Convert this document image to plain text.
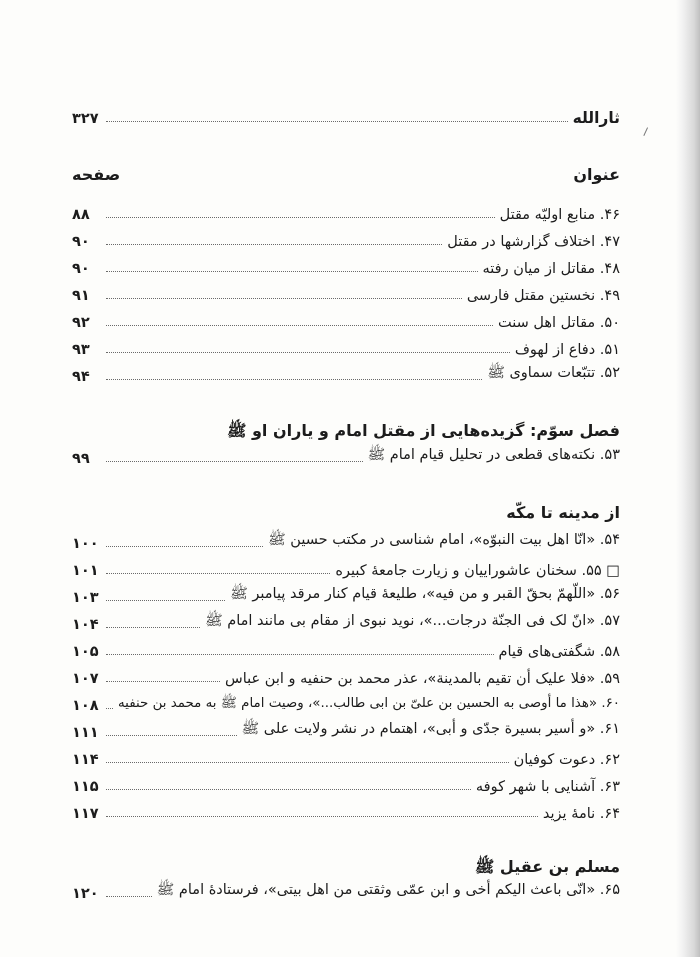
ثارالله
۳۲۷
عنوان
صفحه
۴۶. منابع اولیّه مقتل
۸۸
۴۷. اختلاف گزارشها در مقتل
۹۰
۴۸. مقاتل از میان رفته
۹۰
۴۹. نخستین مقتل فارسی
۹۱
۵۰. مقاتل اهل سنت
۹۲
۵۱. دفاع از لهوف
۹۳
۵۲. تتبّعات سماوی ﷺ
۹۴
فصل سوّم: گزیده‌هایی از مقتل امام و یاران او ﷺ
۵۳. نکته‌های قطعی در تحلیل قیام امام ﷺ
۹۹
از مدینه تا مکّه
۵۴. «انّا اهل بیت النبوّه»، امام شناسی در مکتب حسین ﷺ
۱۰۰
□ ۵۵. سخنان عاشوراییان و زیارت جامعهٔ کبیره
۱۰۱
۵۶. «اللّهمّ بحقّ القبر و من فیه»، طلیعهٔ قیام کنار مرقد پیامبر ﷺ
۱۰۳
۵۷. «انّ لک فی الجنّة درجات...»، نوید نبوی از مقام بی مانند امام ﷺ
۱۰۴
۵۸. شگفتی‌های قیام
۱۰۵
۵۹. «فلا علیک أن تقیم بالمدینة»، عذر محمد بن حنفیه و ابن عباس
۱۰۷
۶۰. «هذا ما أوصی به الحسین بن علیّ بن ابی طالب...»، وصیت امام ﷺ به محمد بن حنفیه
۱۰۸
۶۱. «و أسیر بسیرة جدّی و أبی»، اهتمام در نشر ولایت علی ﷺ
۱۱۱
۶۲. دعوت کوفیان
۱۱۴
۶۳. آشنایی با شهر کوفه
۱۱۵
۶۴. نامهٔ یزید
۱۱۷
مسلم بن عقیل ﷺ
۶۵. «انّی باعث الیکم أخی و ابن عمّی وثقتی من اهل بیتی»، فرستادهٔ امام ﷺ
۱۲۰
